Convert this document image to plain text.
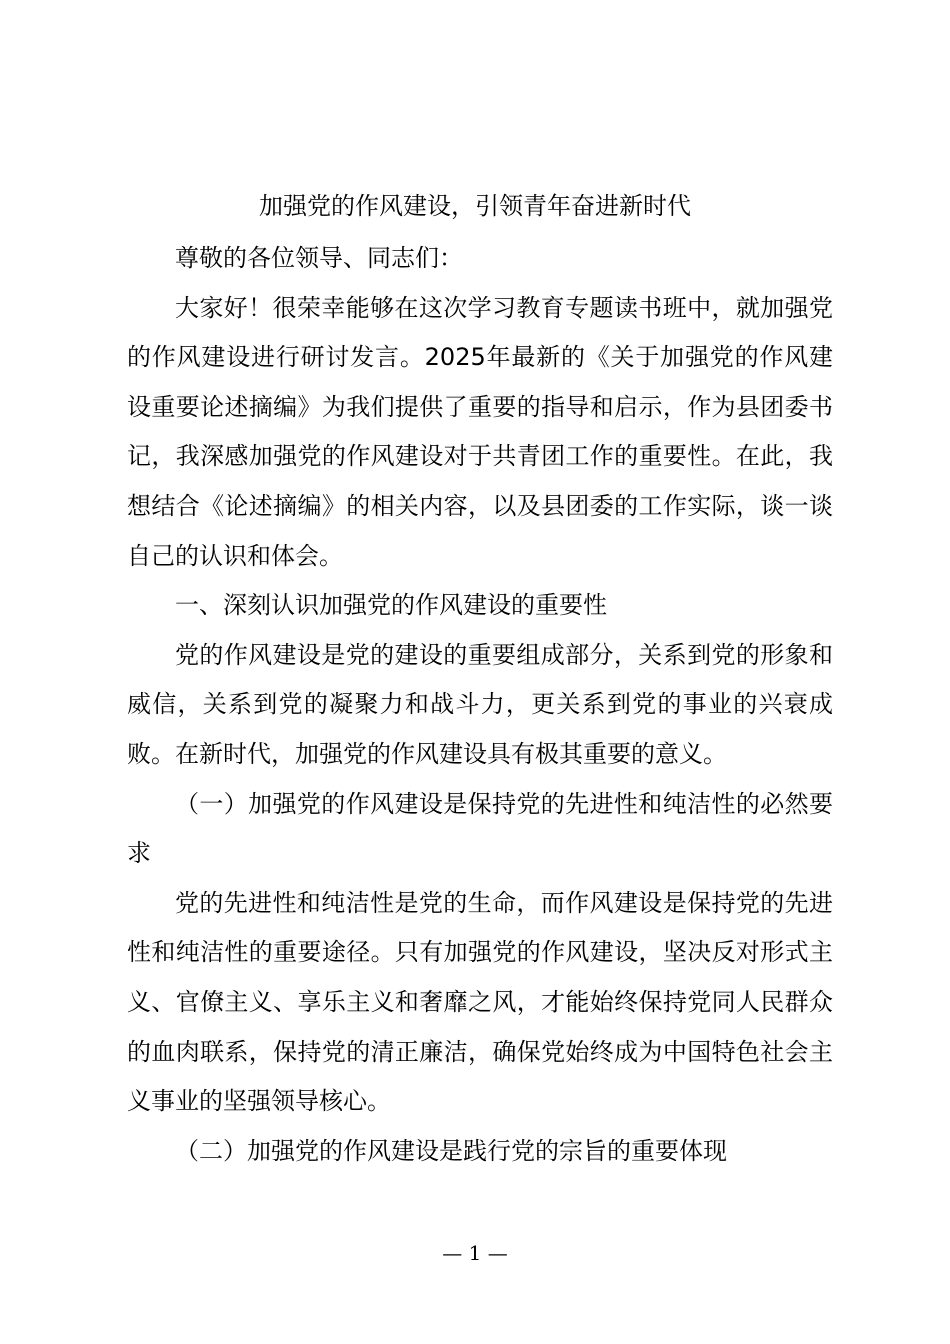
加强党的作风建设，引领青年奋进新时代

尊敬的各位领导、同志们：

大家好！很荣幸能够在这次学习教育专题读书班中，就加强党的作风建设进行研讨发言。2025年最新的《关于加强党的作风建设重要论述摘编》为我们提供了重要的指导和启示，作为县团委书记，我深感加强党的作风建设对于共青团工作的重要性。在此，我想结合《论述摘编》的相关内容，以及县团委的工作实际，谈一谈自己的认识和体会。

一、深刻认识加强党的作风建设的重要性

党的作风建设是党的建设的重要组成部分，关系到党的形象和威信，关系到党的凝聚力和战斗力，更关系到党的事业的兴衰成败。在新时代，加强党的作风建设具有极其重要的意义。

（一）加强党的作风建设是保持党的先进性和纯洁性的必然要求

党的先进性和纯洁性是党的生命，而作风建设是保持党的先进性和纯洁性的重要途径。只有加强党的作风建设，坚决反对形式主义、官僚主义、享乐主义和奢靡之风，才能始终保持党同人民群众的血肉联系，保持党的清正廉洁，确保党始终成为中国特色社会主义事业的坚强领导核心。

（二）加强党的作风建设是践行党的宗旨的重要体现

— 1 —
